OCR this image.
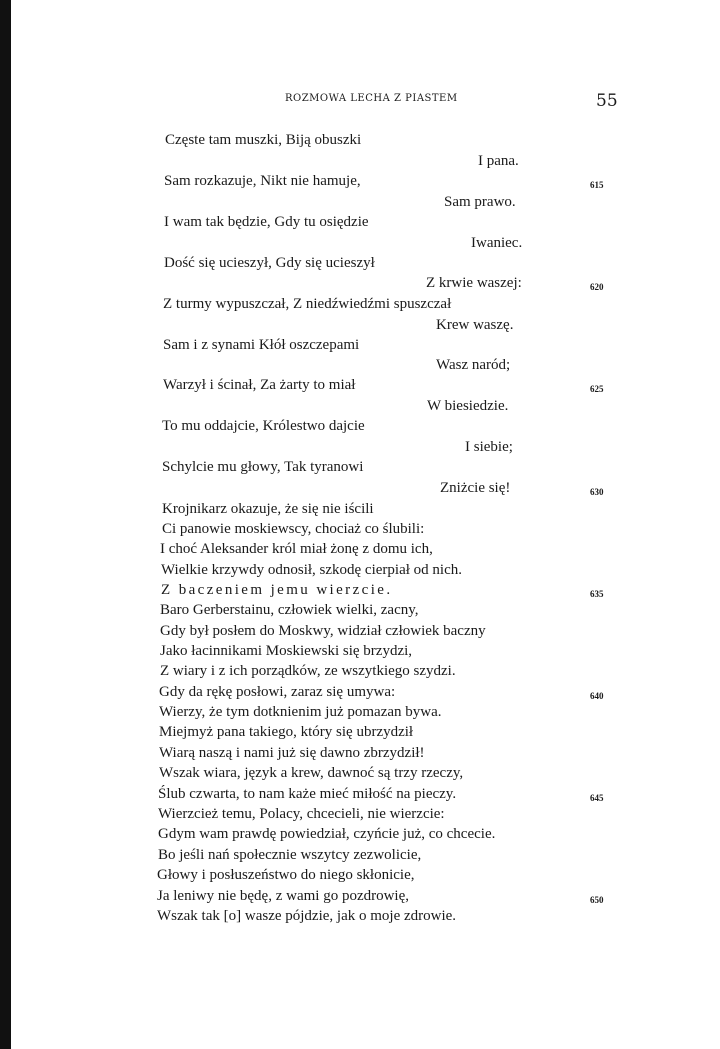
ROZMOWA LECHA Z PIASTEM	55
Częste tam muszki, Biją obuszki
I pana.
Sam rozkazuje, Nikt nie hamuje,
Sam prawo.
I wam tak będzie, Gdy tu osiędzie
Iwaniec.
Dość się ucieszył, Gdy się ucieszył
Z krwie waszej:
Z turmy wypuszczał, Z niedźwiedźmi spuszczał
Krew waszę.
Sam i z synami Kłół oszczepami
Wasz naród;
Warzył i ścinał, Za żarty to miał
W biesiedzie.
To mu oddajcie, Królestwo dajcie
I siebie;
Schylcie mu głowy, Tak tyranowi
Zniżcie się!
Krojnikarz okazuje, że się nie iścili
Ci panowie moskiewscy, chociaż co ślubili:
I choć Aleksander król miał żonę z domu ich,
Wielkie krzywdy odnosił, szkodę cierpiał od nich.
Z baczeniem jemu wierzcie.
Baro Gerberstainu, człowiek wielki, zacny,
Gdy był posłem do Moskwy, widział człowiek baczny
Jako łacinnikami Moskiewski się brzydzi,
Z wiary i z ich porządków, ze wszytkiego szydzi.
Gdy da rękę posłowi, zaraz się umywa:
Wierzy, że tym dotknienim już pomazan bywa.
Miejmyż pana takiego, który się ubrzydził
Wiarą naszą i nami już się dawno zbrzydził!
Wszak wiara, język a krew, dawnoć są trzy rzeczy,
Ślub czwarta, to nam każe mieć miłość na pieczy.
Wierzcież temu, Polacy, chcecieli, nie wierzcie:
Gdym wam prawdę powiedział, czyńcie już, co chcecie.
Bo jeśli nań społecznie wszytcy zezwolicie,
Głowy i posłuszeństwo do niego skłonicie,
Ja leniwy nie będę, z wami go pozdrowię,
Wszak tak [o] wasze pójdzie, jak o moje zdrowie.
615
620
625
630
635
640
645
650
